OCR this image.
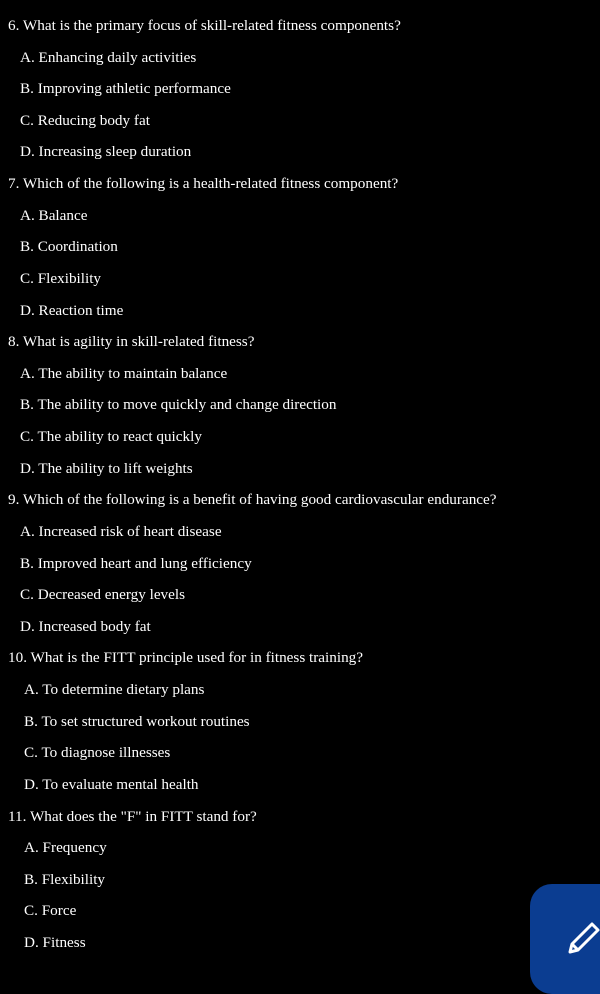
6. What is the primary focus of skill-related fitness components?
A. Enhancing daily activities
B. Improving athletic performance
C. Reducing body fat
D. Increasing sleep duration
7. Which of the following is a health-related fitness component?
A. Balance
B. Coordination
C. Flexibility
D. Reaction time
8. What is agility in skill-related fitness?
A. The ability to maintain balance
B. The ability to move quickly and change direction
C. The ability to react quickly
D. The ability to lift weights
9. Which of the following is a benefit of having good cardiovascular endurance?
A. Increased risk of heart disease
B. Improved heart and lung efficiency
C. Decreased energy levels
D. Increased body fat
10. What is the FITT principle used for in fitness training?
A. To determine dietary plans
B. To set structured workout routines
C. To diagnose illnesses
D. To evaluate mental health
11. What does the "F" in FITT stand for?
A. Frequency
B. Flexibility
C. Force
D. Fitness
